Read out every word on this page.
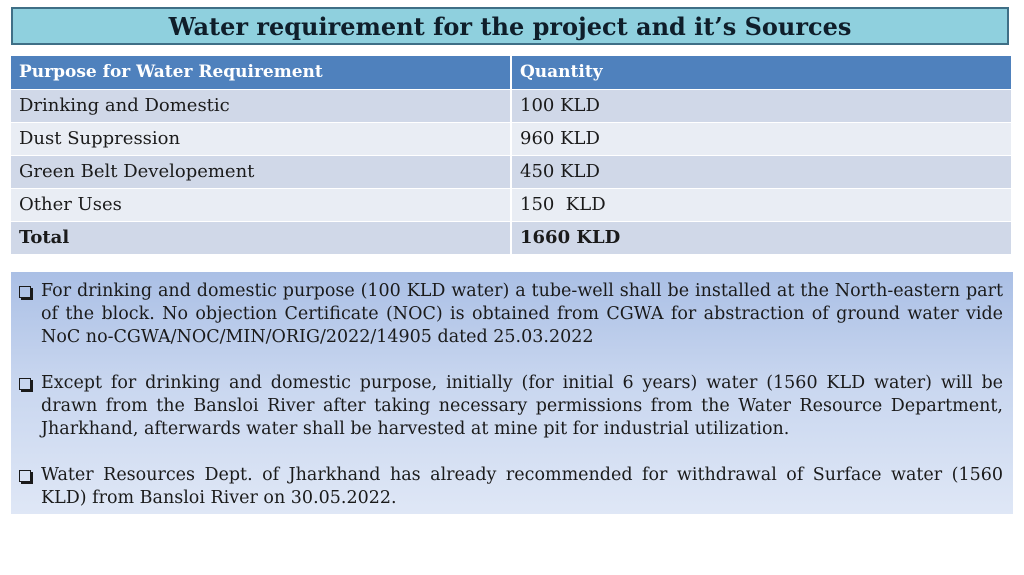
Water requirement for the project and it’s Sources
Purpose for Water Requirement	Quantity
Drinking and Domestic	100 KLD
Dust Suppression	960 KLD
Green Belt Developement	450 KLD
Other Uses	150  KLD
Total	1660 KLD
For drinking and domestic purpose (100 KLD water) a tube-well shall be installed at the North-eastern part of the block. No objection Certificate (NOC) is obtained from CGWA for abstraction of ground water vide NoC no-CGWA/NOC/MIN/ORIG/2022/14905 dated 25.03.2022
Except for drinking and domestic purpose, initially (for initial 6 years) water (1560 KLD water) will be drawn from the Bansloi River after taking necessary permissions from the Water Resource Department, Jharkhand, afterwards water shall be harvested at mine pit for industrial utilization.
Water Resources Dept. of Jharkhand has already recommended for withdrawal of Surface water (1560 KLD) from Bansloi River on 30.05.2022.
